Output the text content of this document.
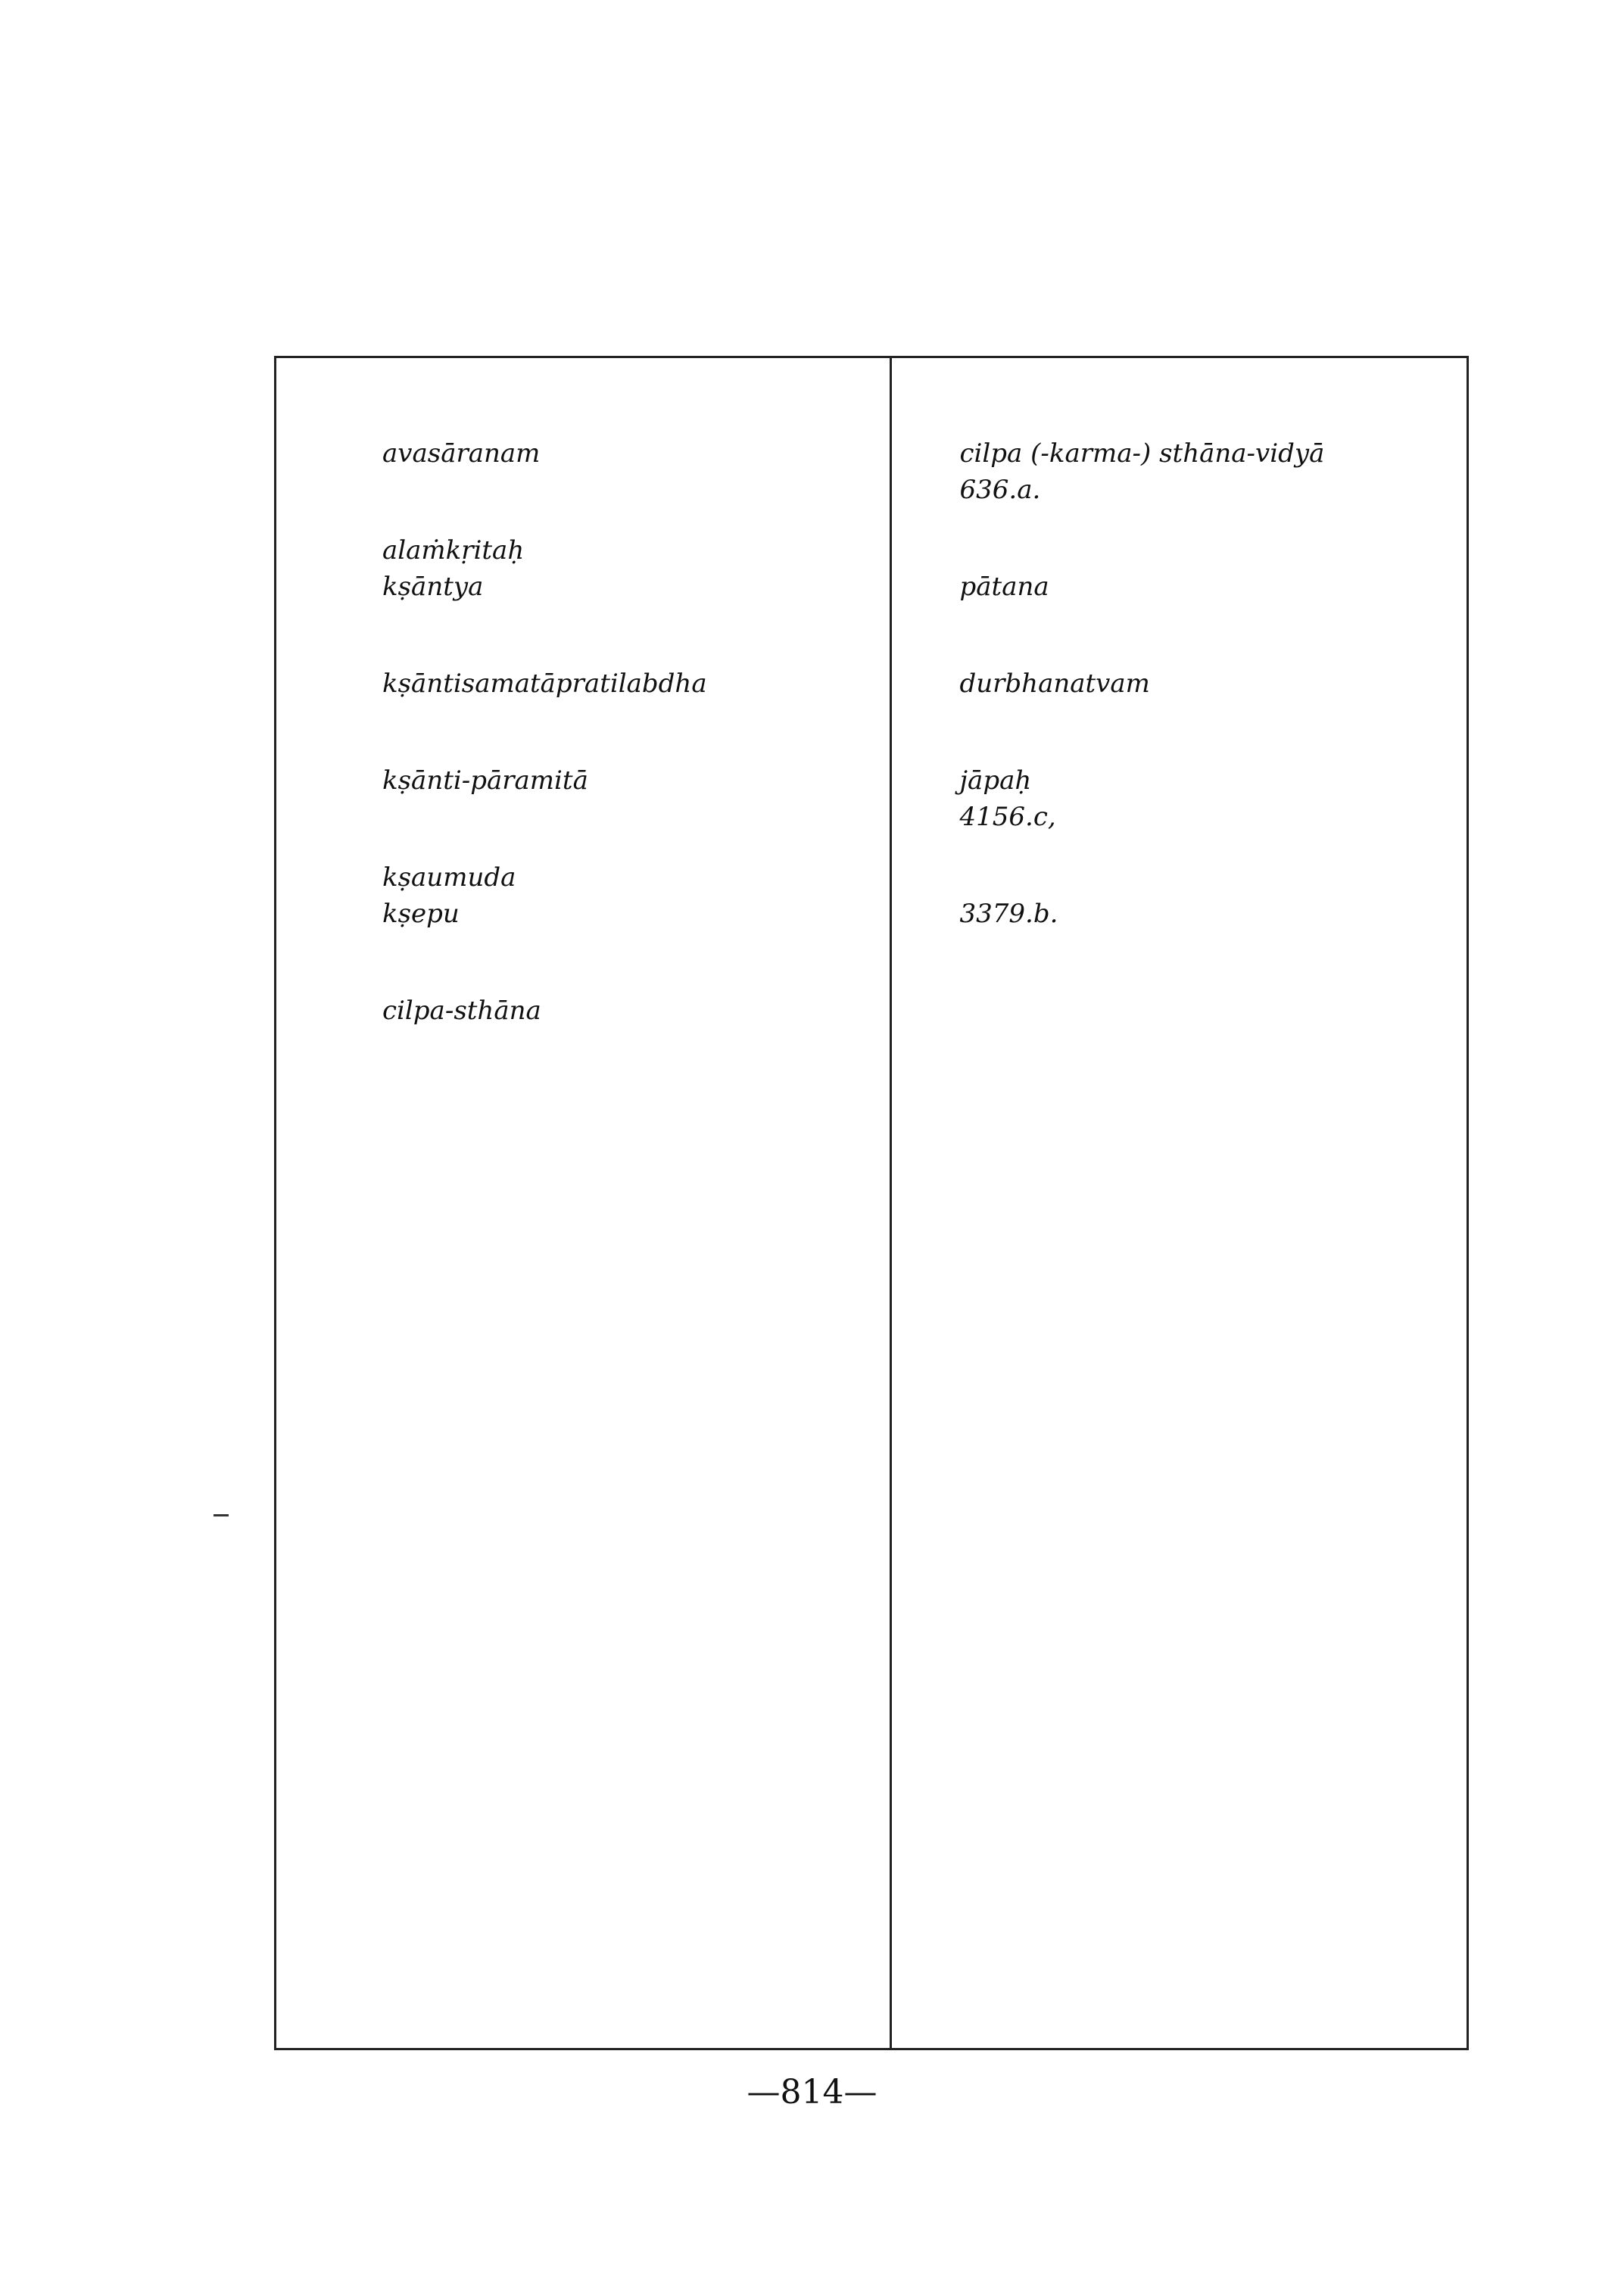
avasāranam
alaṁkṛitaḥ
kṣāntya
kṣāntisamatāpratilabdha
kṣānti-pāramitā
kṣaumuda
kṣepu
cilpa-sthāna
cilpa (-karma-) sthāna-vidyā
636.a.
pātana
durbhanatvam
jāpaḥ
4156.c,
3379.b.
—814—
